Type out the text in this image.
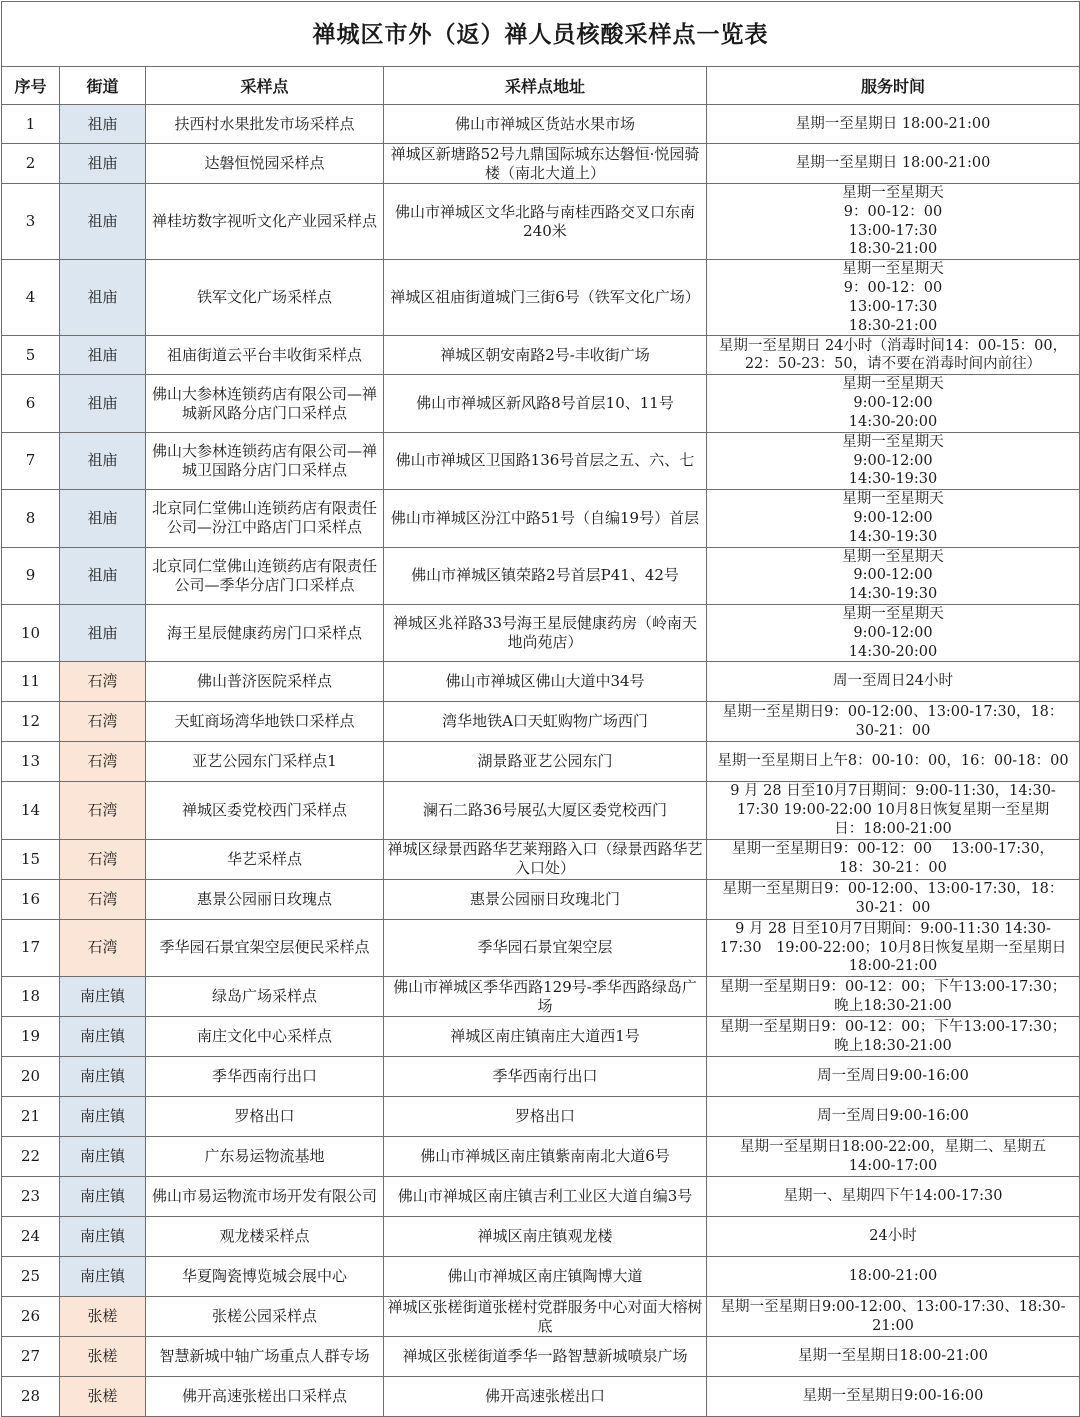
禅城区市外（返）禅人员核酸采样点一览表				
序号	街道	采样点	采样点地址	服务时间
1	祖庙	扶西村水果批发市场采样点	佛山市禅城区货站水果市场	星期一至星期日 18:00-21:00

2	祖庙	达磐恒悦园采样点	禅城区新塘路52号九鼎国际城东达磐恒·悦园骑楼（南北大道上）	星期一至星期日 18:00-21:00

3	祖庙	禅桂坊数字视听文化产业园采样点	佛山市禅城区文华北路与南桂西路交叉口东南240米	星期一至星期天
9：00-12：00
13:00-17:30
18:30-21:00

4	祖庙	铁军文化广场采样点	禅城区祖庙街道城门三街6号（铁军文化广场）	星期一至星期天
9：00-12：00
13:00-17:30
18:30-21:00

5	祖庙	祖庙街道云平台丰收街采样点	禅城区朝安南路2号-丰收街广场	星期一至星期日 24小时（消毒时间14：00-15：00，
22：50-23：50，请不要在消毒时间内前往）

6	祖庙	佛山大参林连锁药店有限公司—禅城新风路分店门口采样点	佛山市禅城区新风路8号首层10、11号	星期一至星期天
9:00-12:00
14:30-20:00

7	祖庙	佛山大参林连锁药店有限公司—禅城卫国路分店门口采样点	佛山市禅城区卫国路136号首层之五、六、七	星期一至星期天
9:00-12:00
14:30-19:30

8	祖庙	北京同仁堂佛山连锁药店有限责任公司—汾江中路店门口采样点	佛山市禅城区汾江中路51号（自编19号）首层	星期一至星期天
9:00-12:00
14:30-19:30

9	祖庙	北京同仁堂佛山连锁药店有限责任公司—季华分店门口采样点	佛山市禅城区镇荣路2号首层P41、42号	星期一至星期天
9:00-12:00
14:30-19:30

10	祖庙	海王星辰健康药房门口采样点	禅城区兆祥路33号海王星辰健康药房（岭南天地尚苑店）	星期一至星期天
9:00-12:00
14:30-20:00

11	石湾	佛山普济医院采样点	佛山市禅城区佛山大道中34号	周一至周日24小时

12	石湾	天虹商场湾华地铁口采样点	湾华地铁A口天虹购物广场西门	星期一至星期日9：00-12:00、13:00-17:30，18：
30-21：00

13	石湾	亚艺公园东门采样点1	湖景路亚艺公园东门	星期一至星期日上午8：00-10：00，16：00-18：00

14	石湾	禅城区委党校西门采样点	澜石二路36号展弘大厦区委党校西门	9 月 28 日至10月7日期间：9:00-11:30，14:30-
17:30 19:00-22:00 10月8日恢复星期一至星期
日：18:00-21:00

15	石湾	华艺采样点	禅城区绿景西路华艺莱翔路入口（绿景西路华艺入口处）	星期一至星期日9：00-12：00　 13:00-17:30，
18：30-21：00

16	石湾	惠景公园丽日玫瑰点	惠景公园丽日玫瑰北门	星期一至星期日9：00-12:00、13:00-17:30，18：
30-21：00

17	石湾	季华园石景宜架空层便民采样点	季华园石景宜架空层	9 月 28 日至10月7日期间：9:00-11:30 14:30-
17:30　19:00-22:00；10月8日恢复星期一至星期日
18:00-21:00

18	南庄镇	绿岛广场采样点	佛山市禅城区季华西路129号-季华西路绿岛广场	星期一至星期日9：00-12：00；下午13:00-17:30；
晚上18:30-21:00

19	南庄镇	南庄文化中心采样点	禅城区南庄镇南庄大道西1号	星期一至星期日9：00-12：00；下午13:00-17:30；
晚上18:30-21:00

20	南庄镇	季华西南行出口	季华西南行出口	周一至周日9:00-16:00

21	南庄镇	罗格出口	罗格出口	周一至周日9:00-16:00

22	南庄镇	广东易运物流基地	佛山市禅城区南庄镇紫南南北大道6号	星期一至星期日18:00-22:00，星期二、星期五
14:00-17:00

23	南庄镇	佛山市易运物流市场开发有限公司	佛山市禅城区南庄镇吉利工业区大道自编3号	星期一、星期四下午14:00-17:30

24	南庄镇	观龙楼采样点	禅城区南庄镇观龙楼	24小时

25	南庄镇	华夏陶瓷博览城会展中心	佛山市禅城区南庄镇陶博大道	18:00-21:00

26	张槎	张槎公园采样点	禅城区张槎街道张槎村党群服务中心对面大榕树底	星期一至星期日9:00-12:00、13:00-17:30、18:30-
21:00

27	张槎	智慧新城中轴广场重点人群专场	禅城区张槎街道季华一路智慧新城喷泉广场	星期一至星期日18:00-21:00

28	张槎	佛开高速张槎出口采样点	佛开高速张槎出口	星期一至星期日9:00-16:00
